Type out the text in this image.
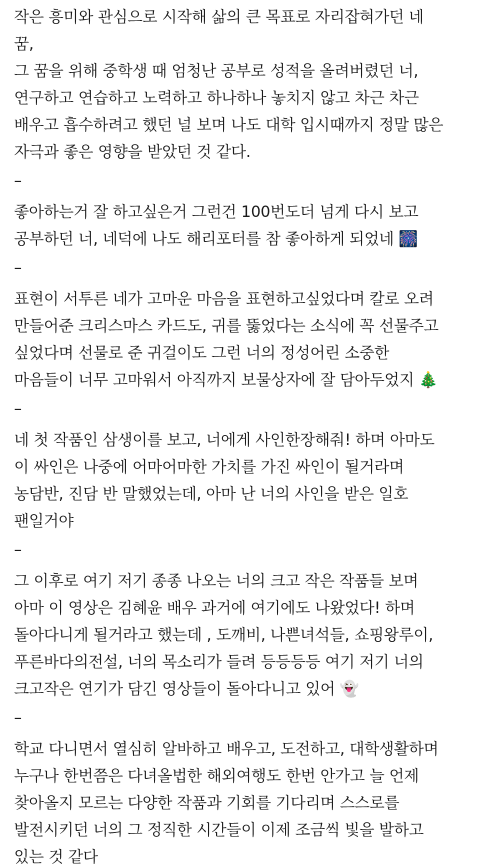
작은 흥미와 관심으로 시작해 삶의 큰 목표로 자리잡혀가던 네
꿈,
그 꿈을 위해 중학생 때 엄청난 공부로 성적을 올려버렸던 너,
연구하고 연습하고 노력하고 하나하나 놓치지 않고 차근 차근
배우고 흡수하려고 했던 널 보며 나도 대학 입시때까지 정말 많은
자극과 좋은 영향을 받았던 것 같다.
–
좋아하는거 잘 하고싶은거 그런건 100번도더 넘게 다시 보고
공부하던 너, 네덕에 나도 해리포터를 참 좋아하게 되었네 🎆
–
표현이 서투른 네가 고마운 마음을 표현하고싶었다며 칼로 오려
만들어준 크리스마스 카드도, 귀를 뚫었다는 소식에 꼭 선물주고
싶었다며 선물로 준 귀걸이도 그런 너의 정성어린 소중한
마음들이 너무 고마워서 아직까지 보물상자에 잘 담아두었지 🎄
–
네 첫 작품인 삼생이를 보고, 너에게 사인한장해줘! 하며 아마도
이 싸인은 나중에 어마어마한 가치를 가진 싸인이 될거라며
농담반, 진담 반 말했었는데, 아마 난 너의 사인을 받은 일호
팬일거야
–
그 이후로 여기 저기 종종 나오는 너의 크고 작은 작품들 보며
아마 이 영상은 김혜윤 배우 과거에 여기에도 나왔었다! 하며
돌아다니게 될거라고 했는데 , 도깨비, 나쁜녀석들, 쇼핑왕루이,
푸른바다의전설, 너의 목소리가 들려 등등등등 여기 저기 너의
크고작은 연기가 담긴 영상들이 돌아다니고 있어 👻
–
학교 다니면서 열심히 알바하고 배우고, 도전하고, 대학생활하며
누구나 한번쯤은 다녀올법한 해외여행도 한번 안가고 늘 언제
찾아올지 모르는 다양한 작품과 기회를 기다리며 스스로를
발전시키던 너의 그 정직한 시간들이 이제 조금씩 빛을 발하고
있는 것 같다
